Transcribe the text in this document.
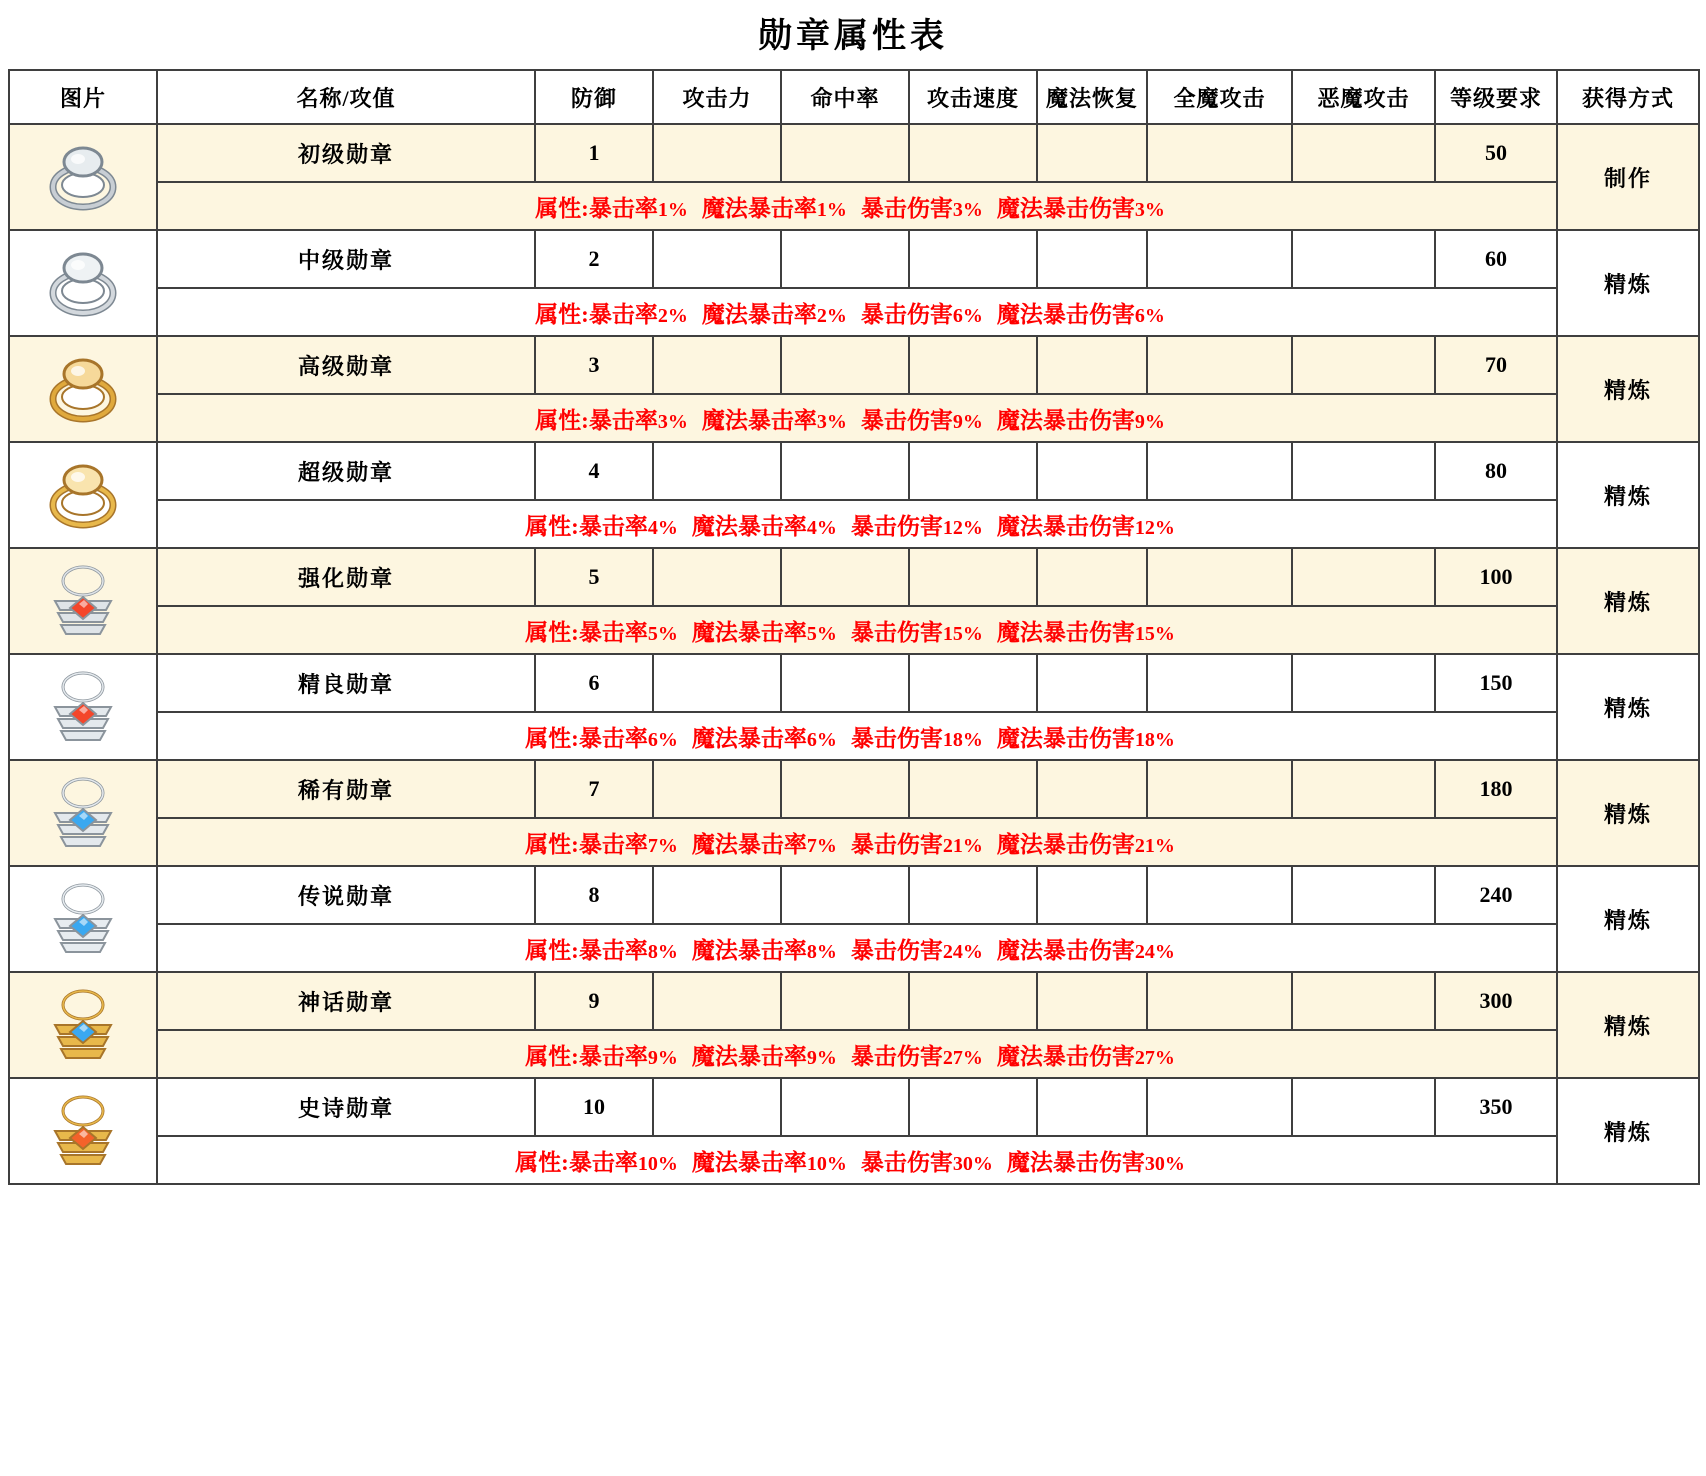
勋章属性表
图片	名称/攻值	防御	攻击力	命中率	攻击速度	魔法恢复	全魔攻击	恶魔攻击	等级要求	获得方式

	初级勋章	1							50	制作
	属性:暴击率1% 魔法暴击率1% 暴击伤害3% 魔法暴击伤害3%									

	中级勋章	2							60	精炼
	属性:暴击率2% 魔法暴击率2% 暴击伤害6% 魔法暴击伤害6%									

	高级勋章	3							70	精炼
	属性:暴击率3% 魔法暴击率3% 暴击伤害9% 魔法暴击伤害9%									

	超级勋章	4							80	精炼
	属性:暴击率4% 魔法暴击率4% 暴击伤害12% 魔法暴击伤害12%									

	强化勋章	5							100	精炼
	属性:暴击率5% 魔法暴击率5% 暴击伤害15% 魔法暴击伤害15%									

	精良勋章	6							150	精炼
	属性:暴击率6% 魔法暴击率6% 暴击伤害18% 魔法暴击伤害18%									

	稀有勋章	7							180	精炼
	属性:暴击率7% 魔法暴击率7% 暴击伤害21% 魔法暴击伤害21%									

	传说勋章	8							240	精炼
	属性:暴击率8% 魔法暴击率8% 暴击伤害24% 魔法暴击伤害24%									

	神话勋章	9							300	精炼
	属性:暴击率9% 魔法暴击率9% 暴击伤害27% 魔法暴击伤害27%									

	史诗勋章	10							350	精炼
	属性:暴击率10% 魔法暴击率10% 暴击伤害30% 魔法暴击伤害30%									
